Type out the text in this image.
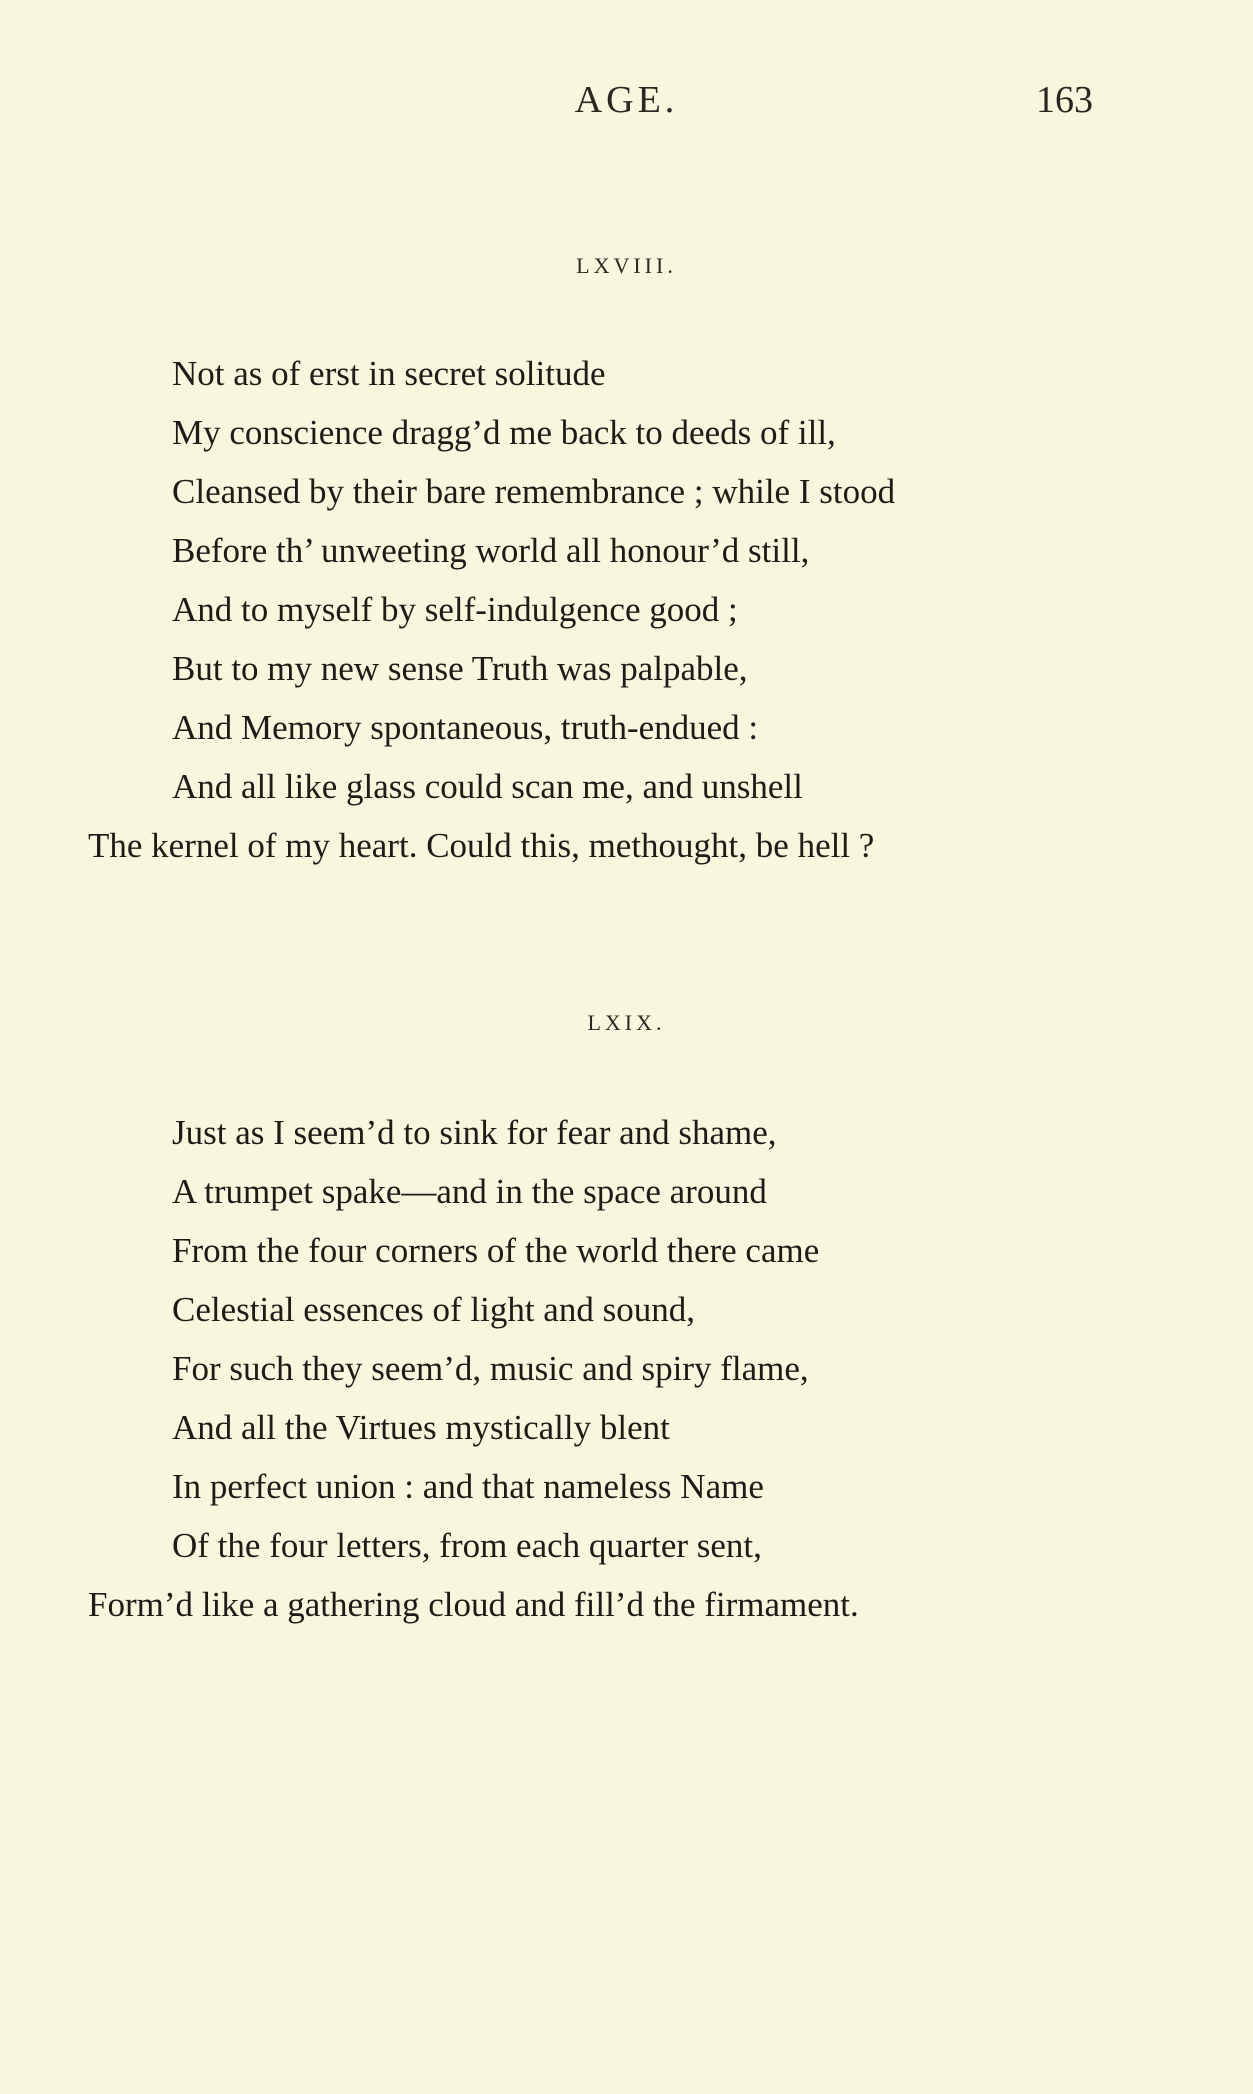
AGE.	163
LXVIII.
Not as of erst in secret solitude
My conscience dragg’d me back to deeds of ill,
Cleansed by their bare remembrance ; while I stood
Before th’ unweeting world all honour’d still,
And to myself by self-indulgence good ;
But to my new sense Truth was palpable,
And Memory spontaneous, truth-endued :
And all like glass could scan me, and unshell
The kernel of my heart. Could this, methought, be hell ?
LXIX.
Just as I seem’d to sink for fear and shame,
A trumpet spake—and in the space around
From the four corners of the world there came
Celestial essences of light and sound,
For such they seem’d, music and spiry flame,
And all the Virtues mystically blent
In perfect union : and that nameless Name
Of the four letters, from each quarter sent,
Form’d like a gathering cloud and fill’d the firmament.
